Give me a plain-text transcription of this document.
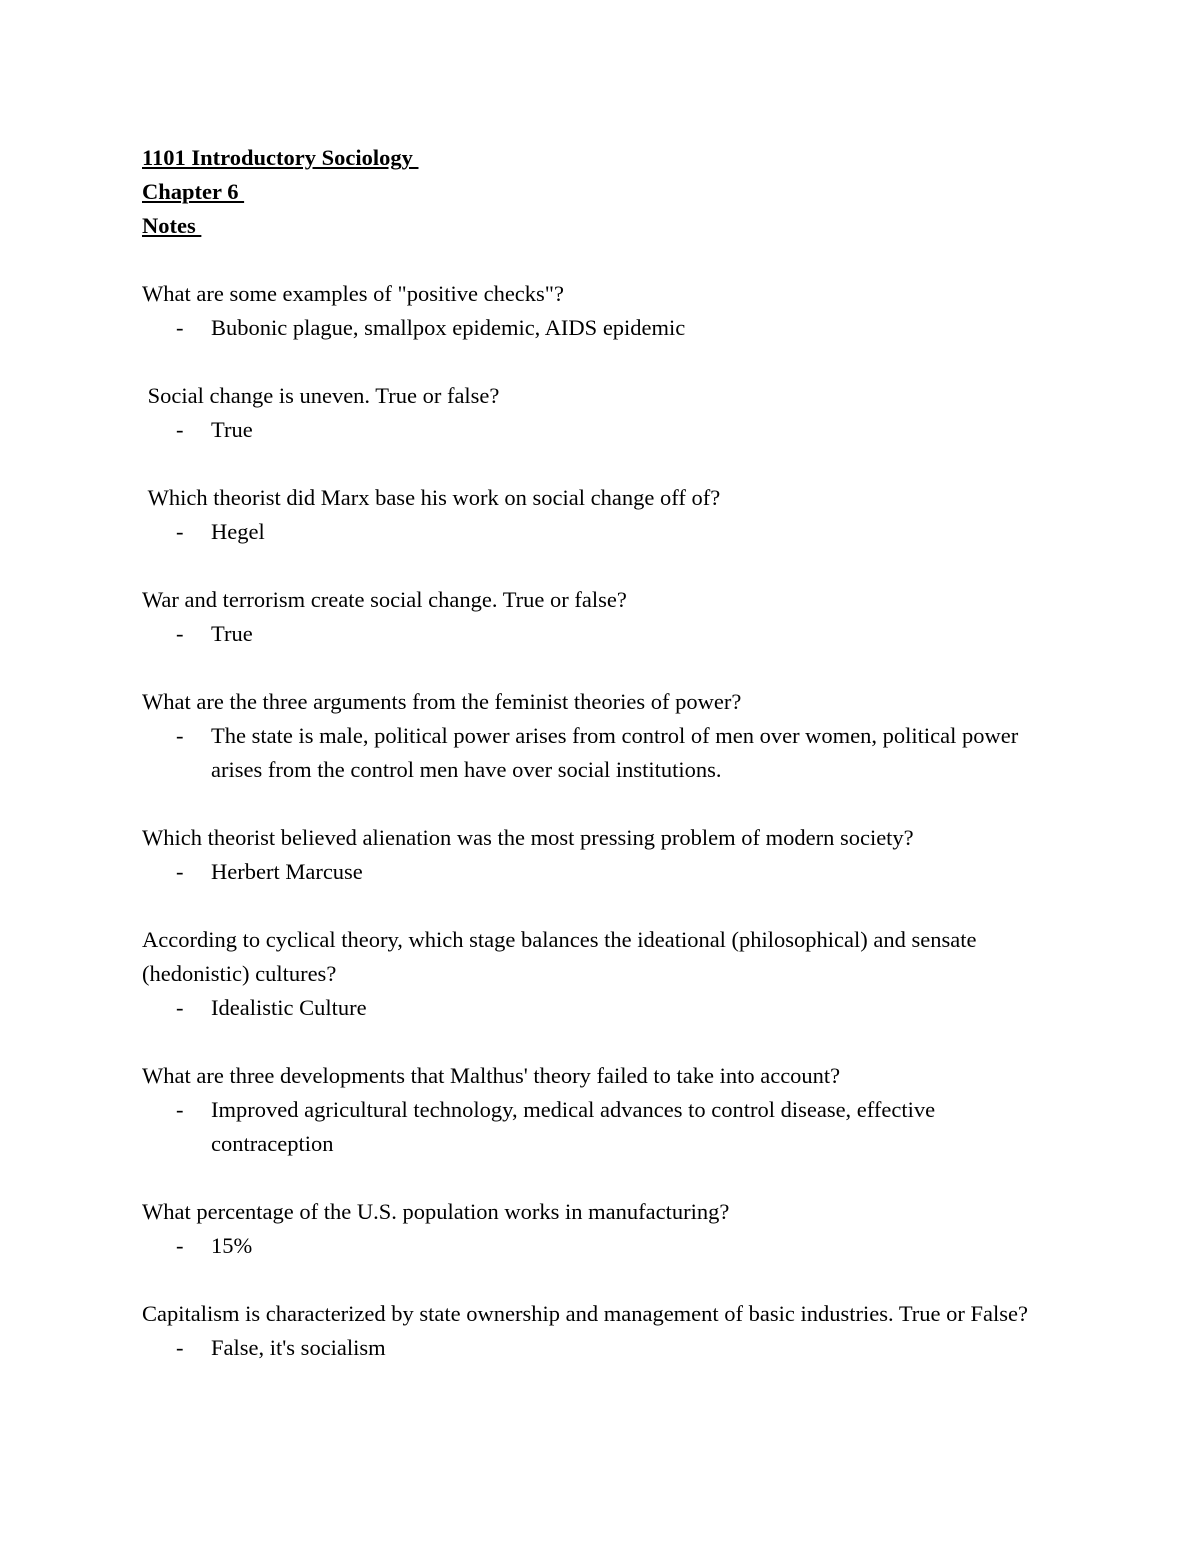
1101 Introductory Sociology
Chapter 6
Notes
What are some examples of "positive checks"?
- Bubonic plague, smallpox epidemic, AIDS epidemic
Social change is uneven. True or false?
- True
Which theorist did Marx base his work on social change off of?
- Hegel
War and terrorism create social change. True or false?
- True
What are the three arguments from the feminist theories of power?
- The state is male, political power arises from control of men over women, political power arises from the control men have over social institutions.
Which theorist believed alienation was the most pressing problem of modern society?
- Herbert Marcuse
According to cyclical theory, which stage balances the ideational (philosophical) and sensate (hedonistic) cultures?
- Idealistic Culture
What are three developments that Malthus' theory failed to take into account?
- Improved agricultural technology, medical advances to control disease, effective contraception
What percentage of the U.S. population works in manufacturing?
- 15%
Capitalism is characterized by state ownership and management of basic industries. True or False?
- False, it's socialism
